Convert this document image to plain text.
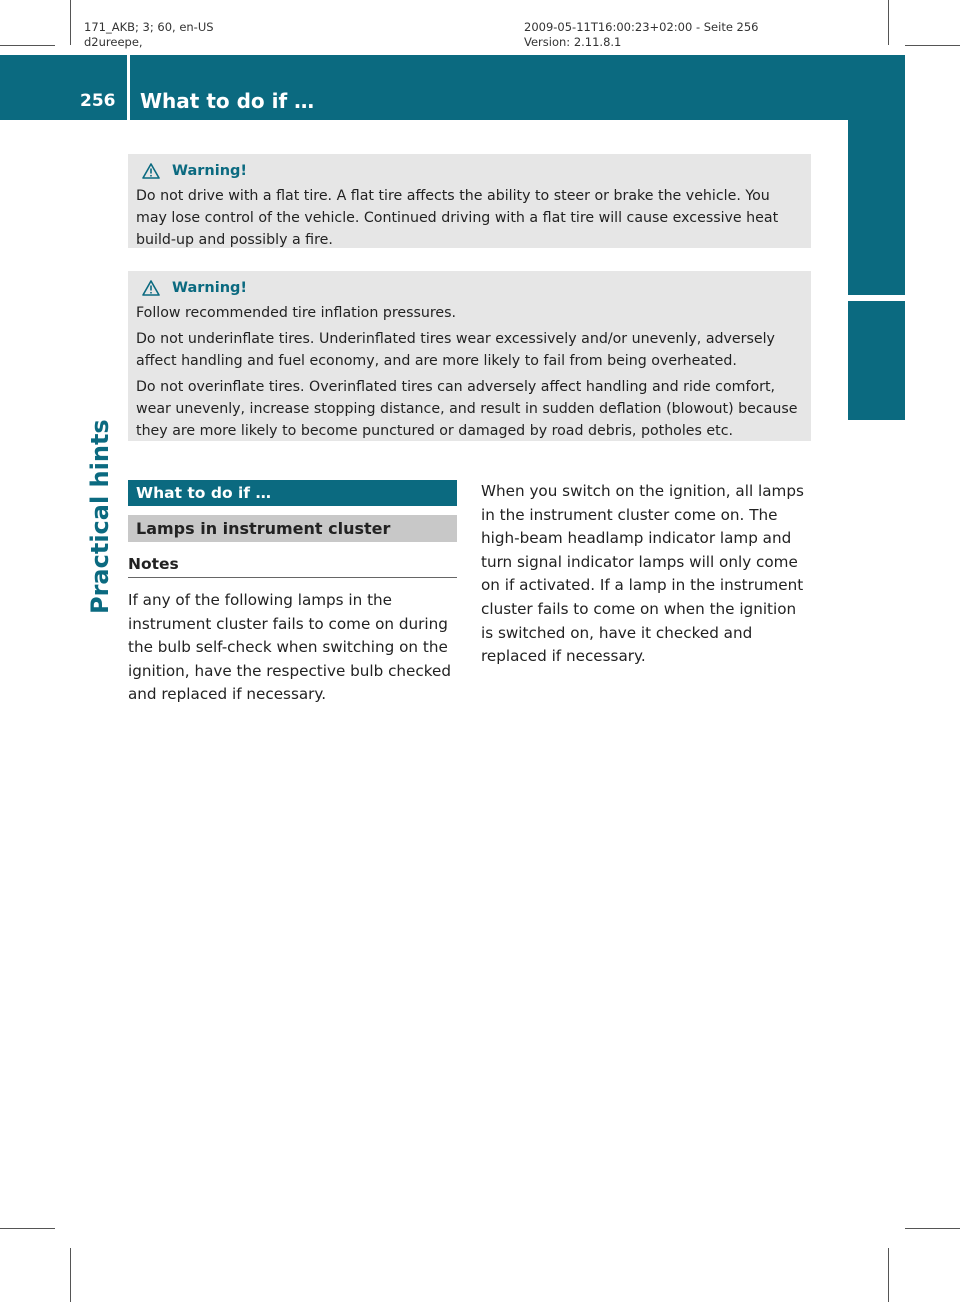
171_AKB; 3; 60, en-US
d2ureepe,
2009-05-11T16:00:23+02:00 - Seite 256
Version: 2.11.8.1
256	What to do if …
Practical hints
Warning!

Do not drive with a flat tire. A flat tire affects the ability to steer or brake the vehicle. You may lose control of the vehicle. Continued driving with a flat tire will cause excessive heat build-up and possibly a fire.

Warning!

Follow recommended tire inflation pressures.

Do not underinflate tires. Underinflated tires wear excessively and/or unevenly, adversely affect handling and fuel economy, and are more likely to fail from being overheated.

Do not overinflate tires. Overinflated tires can adversely affect handling and ride comfort, wear unevenly, increase stopping distance, and result in sudden deflation (blowout) because they are more likely to become punctured or damaged by road debris, potholes etc.

What to do if …
Lamps in instrument cluster
Notes
If any of the following lamps in the instrument cluster fails to come on during the bulb self-check when switching on the ignition, have the respective bulb checked and replaced if necessary.
When you switch on the ignition, all lamps in the instrument cluster come on. The high-beam headlamp indicator lamp and turn signal indicator lamps will only come on if activated. If a lamp in the instrument cluster fails to come on when the ignition is switched on, have it checked and replaced if necessary.
